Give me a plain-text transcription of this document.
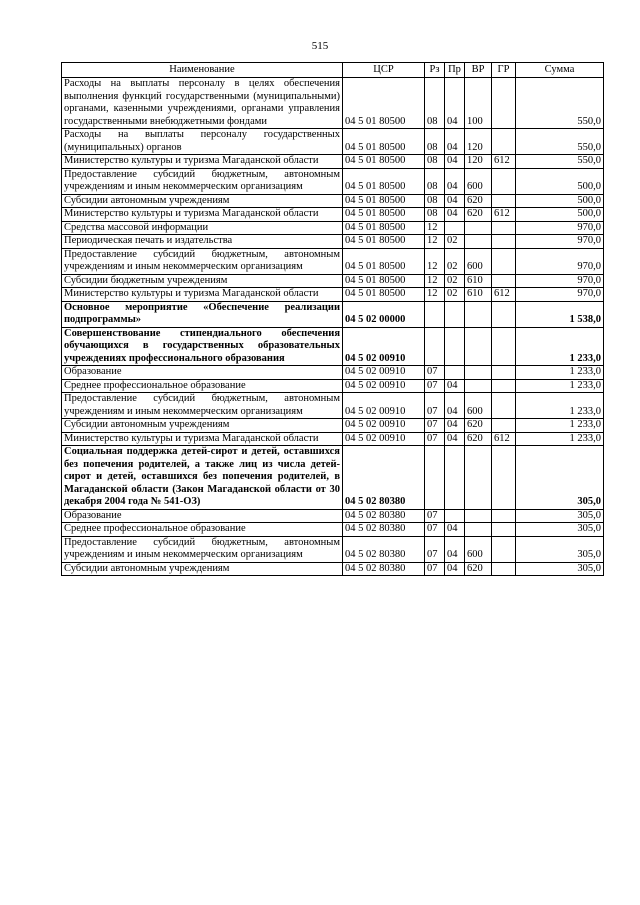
515
Наименование	ЦСР	Рз	Пр	ВР	ГР	Сумма
Расходы на выплаты персоналу в целях обеспечения выполнения функций государственными (муниципальными) органами, казенными учреждениями, органами управления государственными внебюджетными фондами	04 5 01 80500	08	04	100		550,0
Расходы на выплаты персоналу государственных (муниципальных) органов	04 5 01 80500	08	04	120		550,0
Министерство культуры и туризма Магаданской области	04 5 01 80500	08	04	120	612	550,0
Предоставление субсидий бюджетным, автономным учреждениям и иным некоммерческим организациям	04 5 01 80500	08	04	600		500,0
Субсидии автономным учреждениям	04 5 01 80500	08	04	620		500,0
Министерство культуры и туризма Магаданской области	04 5 01 80500	08	04	620	612	500,0
Средства массовой информации	04 5 01 80500	12				970,0
Периодическая печать и издательства	04 5 01 80500	12	02			970,0
Предоставление субсидий бюджетным, автономным учреждениям и иным некоммерческим организациям	04 5 01 80500	12	02	600		970,0
Субсидии бюджетным учреждениям	04 5 01 80500	12	02	610		970,0
Министерство культуры и туризма Магаданской области	04 5 01 80500	12	02	610	612	970,0
Основное мероприятие «Обеспечение реализации подпрограммы»	04 5 02 00000					1 538,0
Совершенствование стипендиального обеспечения обучающихся в государственных образовательных учреждениях профессионального образования	04 5 02 00910					1 233,0
Образование	04 5 02 00910	07				1 233,0
Среднее профессиональное образование	04 5 02 00910	07	04			1 233,0
Предоставление субсидий бюджетным, автономным учреждениям и иным некоммерческим организациям	04 5 02 00910	07	04	600		1 233,0
Субсидии автономным учреждениям	04 5 02 00910	07	04	620		1 233,0
Министерство культуры и туризма Магаданской области	04 5 02 00910	07	04	620	612	1 233,0
Социальная поддержка детей-сирот и детей, оставшихся без попечения родителей, а также лиц из числа детей-сирот и детей, оставшихся без попечения родителей, в Магаданской области (Закон Магаданской области от 30 декабря 2004 года № 541-ОЗ)	04 5 02 80380					305,0
Образование	04 5 02 80380	07				305,0
Среднее профессиональное образование	04 5 02 80380	07	04			305,0
Предоставление субсидий бюджетным, автономным учреждениям и иным некоммерческим организациям	04 5 02 80380	07	04	600		305,0
Субсидии автономным учреждениям	04 5 02 80380	07	04	620		305,0
